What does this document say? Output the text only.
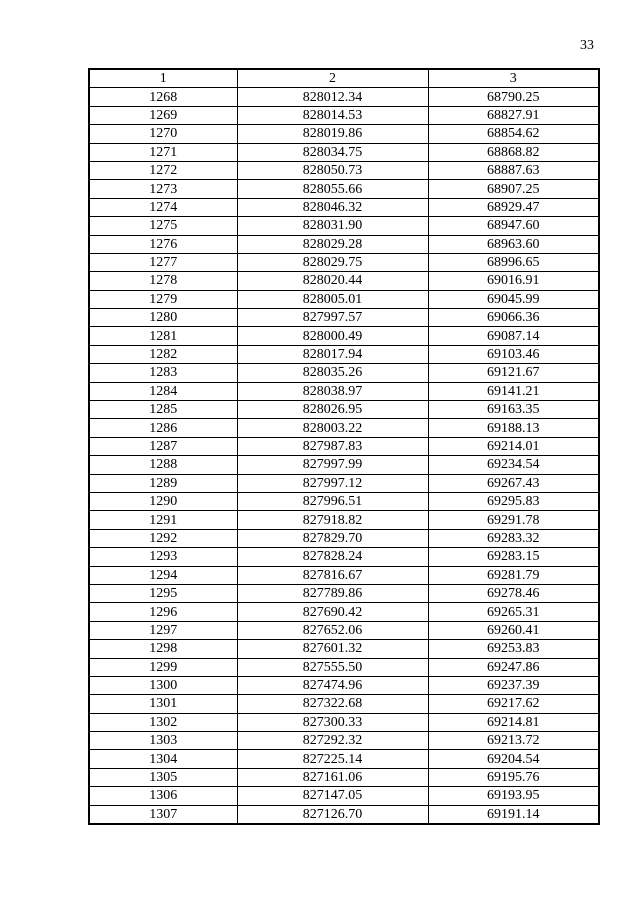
33
1	2	3
1268	828012.34	68790.25
1269	828014.53	68827.91
1270	828019.86	68854.62
1271	828034.75	68868.82
1272	828050.73	68887.63
1273	828055.66	68907.25
1274	828046.32	68929.47
1275	828031.90	68947.60
1276	828029.28	68963.60
1277	828029.75	68996.65
1278	828020.44	69016.91
1279	828005.01	69045.99
1280	827997.57	69066.36
1281	828000.49	69087.14
1282	828017.94	69103.46
1283	828035.26	69121.67
1284	828038.97	69141.21
1285	828026.95	69163.35
1286	828003.22	69188.13
1287	827987.83	69214.01
1288	827997.99	69234.54
1289	827997.12	69267.43
1290	827996.51	69295.83
1291	827918.82	69291.78
1292	827829.70	69283.32
1293	827828.24	69283.15
1294	827816.67	69281.79
1295	827789.86	69278.46
1296	827690.42	69265.31
1297	827652.06	69260.41
1298	827601.32	69253.83
1299	827555.50	69247.86
1300	827474.96	69237.39
1301	827322.68	69217.62
1302	827300.33	69214.81
1303	827292.32	69213.72
1304	827225.14	69204.54
1305	827161.06	69195.76
1306	827147.05	69193.95
1307	827126.70	69191.14
